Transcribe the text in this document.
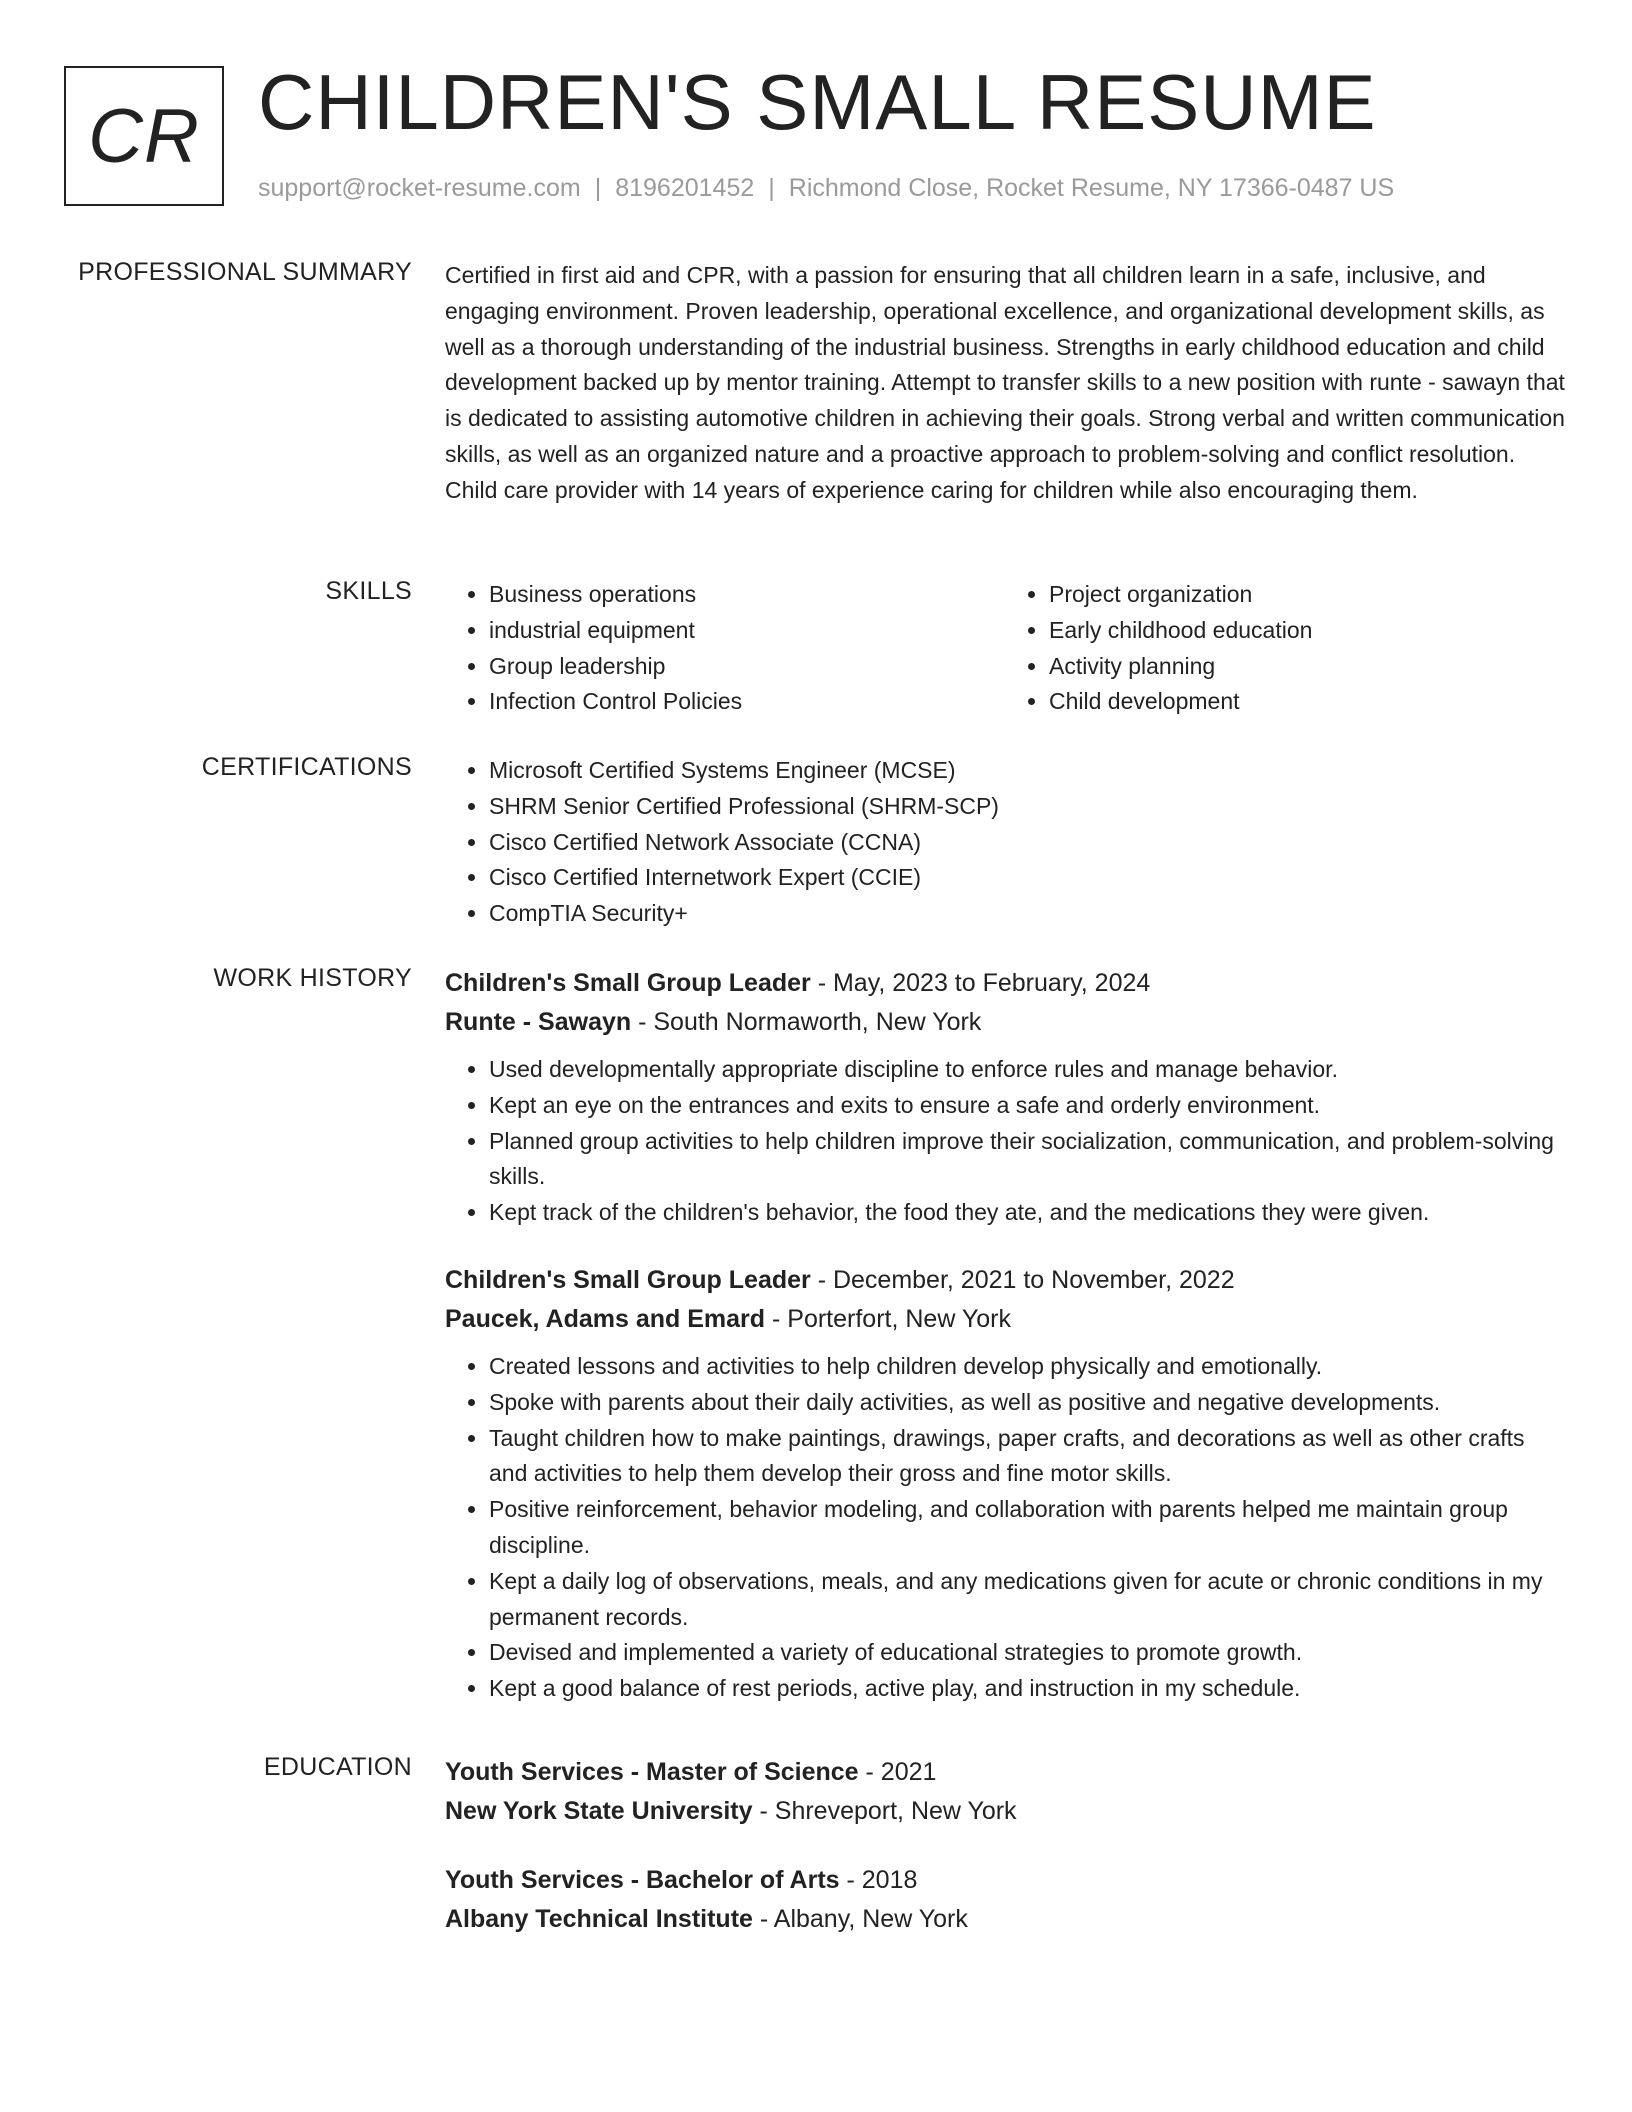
CR CHILDREN'S SMALL RESUME
support@rocket-resume.com | 8196201452 | Richmond Close, Rocket Resume, NY 17366-0487 US
PROFESSIONAL SUMMARY Certified in first aid and CPR, with a passion for ensuring that all children learn in a safe, inclusive, and engaging environment. Proven leadership, operational excellence, and organizational development skills, as well as a thorough understanding of the industrial business. Strengths in early childhood education and child development backed up by mentor training. Attempt to transfer skills to a new position with runte - sawayn that is dedicated to assisting automotive children in achieving their goals. Strong verbal and written communication skills, as well as an organized nature and a proactive approach to problem-solving and conflict resolution. Child care provider with 14 years of experience caring for children while also encouraging them.

SKILLS	• Business operations
• industrial equipment
• Group leadership
• Infection Control Policies
• Project organization
• Early childhood education
• Activity planning
• Child development
CERTIFICATIONS	• Microsoft Certified Systems Engineer (MCSE)
• SHRM Senior Certified Professional (SHRM-SCP)
• Cisco Certified Network Associate (CCNA)
• Cisco Certified Internetwork Expert (CCIE)
• CompTIA Security+
WORK HISTORY Children's Small Group Leader - May, 2023 to February, 2024
Runte - Sawayn - South Normaworth, New York
• Used developmentally appropriate discipline to enforce rules and manage behavior.
• Kept an eye on the entrances and exits to ensure a safe and orderly environment.
• Planned group activities to help children improve their socialization, communication, and problem-solving skills.
• Kept track of the children's behavior, the food they ate, and the medications they were given.
Children's Small Group Leader - December, 2021 to November, 2022
Paucek, Adams and Emard - Porterfort, New York
• Created lessons and activities to help children develop physically and emotionally.
• Spoke with parents about their daily activities, as well as positive and negative developments.
• Taught children how to make paintings, drawings, paper crafts, and decorations as well as other crafts and activities to help them develop their gross and fine motor skills.
• Positive reinforcement, behavior modeling, and collaboration with parents helped me maintain group discipline.
• Kept a daily log of observations, meals, and any medications given for acute or chronic conditions in my permanent records.
• Devised and implemented a variety of educational strategies to promote growth.
• Kept a good balance of rest periods, active play, and instruction in my schedule.
EDUCATION Youth Services - Master of Science - 2021
New York State University - Shreveport, New York
Youth Services - Bachelor of Arts - 2018
Albany Technical Institute - Albany, New York
